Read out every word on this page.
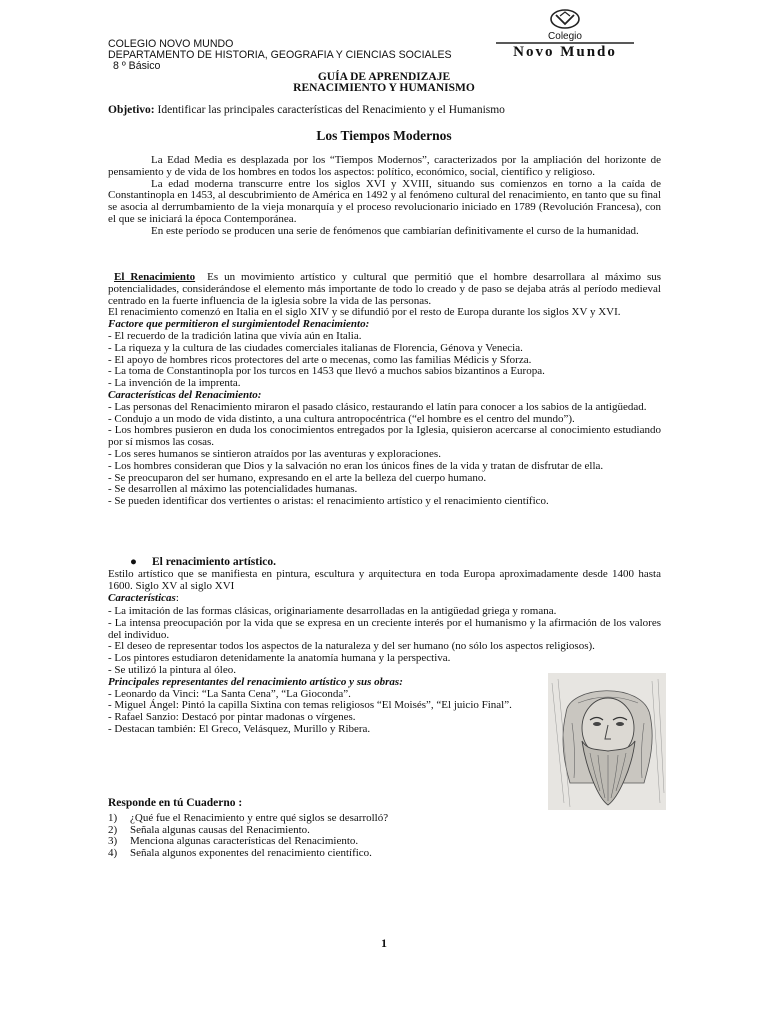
COLEGIO NOVO MUNDO
DEPARTAMENTO DE HISTORIA, GEOGRAFIA Y CIENCIAS SOCIALES
8 º Básico
Colegio
Novo Mundo
GUÍA DE APRENDIZAJE
RENACIMIENTO Y HUMANISMO
Objetivo: Identificar las principales características del Renacimiento y el Humanismo
Los Tiempos Modernos

La Edad Media es desplazada por los “Tiempos Modernos”, caracterizados por la ampliación del horizonte de pensamiento y de vida de los hombres en todos los aspectos: político, económico, social, científico y religioso.

La edad moderna transcurre entre los siglos XVI y XVIII, situando sus comienzos en torno a la caída de Constantinopla en 1453, al descubrimiento de América en 1492 y al fenómeno cultural del renacimiento, en tanto que su final se asocia al derrumbamiento de la vieja monarquía y el proceso revolucionario iniciado en 1789 (Revolución Francesa), con el que se iniciará la época Contemporánea.

En este período se producen una serie de fenómenos que cambiarían definitivamente el curso de la humanidad.

El Renacimiento Es un movimiento artístico y cultural que permitió que el hombre desarrollara al máximo sus potencialidades, considerándose el elemento más importante de todo lo creado y de paso se dejaba atrás al período medieval centrado en la fuerte influencia de la iglesia sobre la vida de las personas.

El renacimiento comenzó en Italia en el siglo XIV y se difundió por el resto de Europa durante los siglos XV y XVI.

Factore que permitieron el surgimientodel Renacimiento:

- El recuerdo de la tradición latina que vivía aún en Italia.

- La riqueza y la cultura de las ciudades comerciales italianas de Florencia, Génova y Venecia.

- El apoyo de hombres ricos protectores del arte o mecenas, como las familias Médicis y Sforza.

- La toma de Constantinopla por los turcos en 1453 que llevó a muchos sabios bizantinos a Europa.

- La invención de la imprenta.

Características del Renacimiento:

- Las personas del Renacimiento miraron el pasado clásico, restaurando el latín para conocer a los sabios de la antigüedad.

- Condujo a un modo de vida distinto, a una cultura antropocéntrica (“el hombre es el centro del mundo”).

- Los hombres pusieron en duda los conocimientos entregados por la Iglesia, quisieron acercarse al conocimiento estudiando por sí mismos las cosas.

- Los seres humanos se sintieron atraídos por las aventuras y exploraciones.

- Los hombres consideran que Dios y la salvación no eran los únicos fines de la vida y tratan de disfrutar de ella.

- Se preocuparon del ser humano, expresando en el arte la belleza del cuerpo humano.

- Se desarrollen al máximo las potencialidades humanas.

- Se pueden identificar dos vertientes o aristas: el renacimiento artístico y el renacimiento científico.

● El renacimiento artístico.

Estilo artístico que se manifiesta en pintura, escultura y arquitectura en toda Europa aproximadamente desde 1400 hasta 1600. Siglo XV al siglo XVI

Características:

- La imitación de las formas clásicas, originariamente desarrolladas en la antigüedad griega y romana.

- La intensa preocupación por la vida que se expresa en un creciente interés por el humanismo y la afirmación de los valores del individuo.

- El deseo de representar todos los aspectos de la naturaleza y del ser humano (no sólo los aspectos religiosos).

- Los pintores estudiaron detenidamente la anatomía humana y la perspectiva.

- Se utilizó la pintura al óleo.

Principales representantes del renacimiento artístico y sus obras:

- Leonardo da Vinci: “La Santa Cena”, “La Gioconda”.

- Miguel Ángel: Pintó la capilla Sixtina con temas religiosos “El Moisés”, “El juicio Final”.

- Rafael Sanzio: Destacó por pintar madonas o vírgenes.

- Destacan también: El Greco, Velásquez, Murillo y Ribera.

Responde en tú Cuaderno :
1) ¿Qué fue el Renacimiento y entre qué siglos se desarrolló?
2) Señala algunas causas del Renacimiento.
3) Menciona algunas características del Renacimiento.
4) Señala algunos exponentes del renacimiento científico.
1
